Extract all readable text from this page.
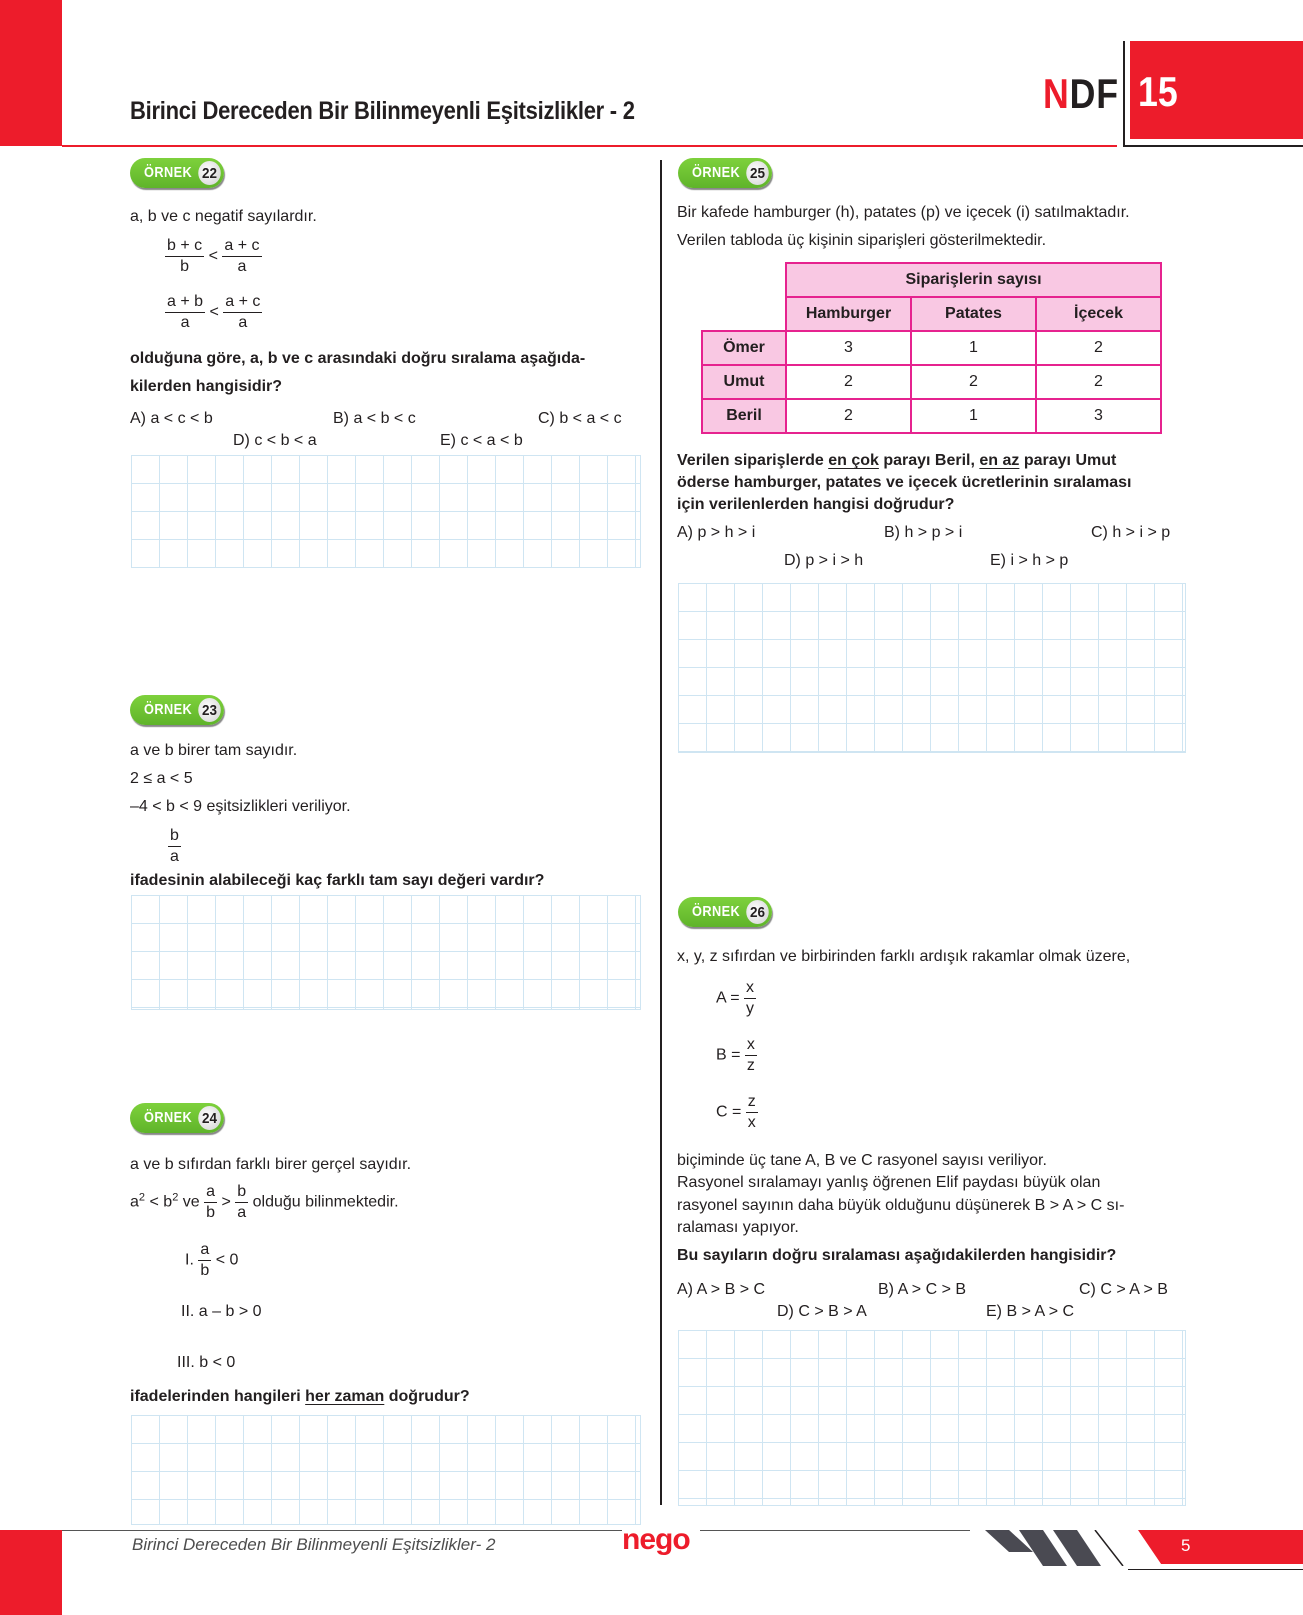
Birinci Dereceden Bir Bilinmeyenli Eşitsizlikler - 2	NDF 15
ÖRNEK 22
a, b ve c negatif sayılardır.
$\frac{b + c}{b} < \frac{a + c}{a}$
$\frac{a + b}{a} < \frac{a + c}{a}$
olduğuna göre, a, b ve c arasındaki doğru sıralama aşağıda-
kilerden hangisidir?
A) a < c < b	B) a < b < c	C) b < a < c
D) c < b < a	E) c < a < b
ÖRNEK 23
a ve b birer tam sayıdır.
2 ≤ a < 5
–4 < b < 9 eşitsizlikleri veriliyor.
$\frac{b}{a}$
ifadesinin alabileceği kaç farklı tam sayı değeri vardır?
ÖRNEK 24
a ve b sıfırdan farklı birer gerçel sayıdır.
$a^2 < b^2$ ve $\frac{a}{b} > \frac{b}{a}$ olduğu bilinmektedir.
I. $\frac{a}{b} < 0$
II. a – b > 0
III. b < 0
ifadelerinden hangileri her zaman doğrudur?
ÖRNEK 25
Bir kafede hamburger (h), patates (p) ve içecek (i) satılmaktadır.
Verilen tabloda üç kişinin siparişleri gösterilmektedir.
	Siparişlerin sayısı		
	Hamburger	Patates	İçecek
Ömer	3	1	2
Umut	2	2	2
Beril	2	1	3
Verilen siparişlerde en çok parayı Beril, en az parayı Umut
öderse hamburger, patates ve içecek ücretlerinin sıralaması
için verilenlerden hangisi doğrudur?
A) p > h > i	B) h > p > i	C) h > i > p
D) p > i > h	E) i > h > p
ÖRNEK 26
x, y, z sıfırdan ve birbirinden farklı ardışık rakamlar olmak üzere,
$A = \frac{x}{y}$
$B = \frac{x}{z}$
$C = \frac{z}{x}$
biçiminde üç tane A, B ve C rasyonel sayısı veriliyor.
Rasyonel sıralamayı yanlış öğrenen Elif paydası büyük olan
rasyonel sayının daha büyük olduğunu düşünerek B > A > C sı-
ralaması yapıyor.
Bu sayıların doğru sıralaması aşağıdakilerden hangisidir?
A) A > B > C	B) A > C > B	C) C > A > B
D) C > B > A	E) B > A > C
Birinci Dereceden Bir Bilinmeyenli Eşitsizlikler- 2	nego	5
